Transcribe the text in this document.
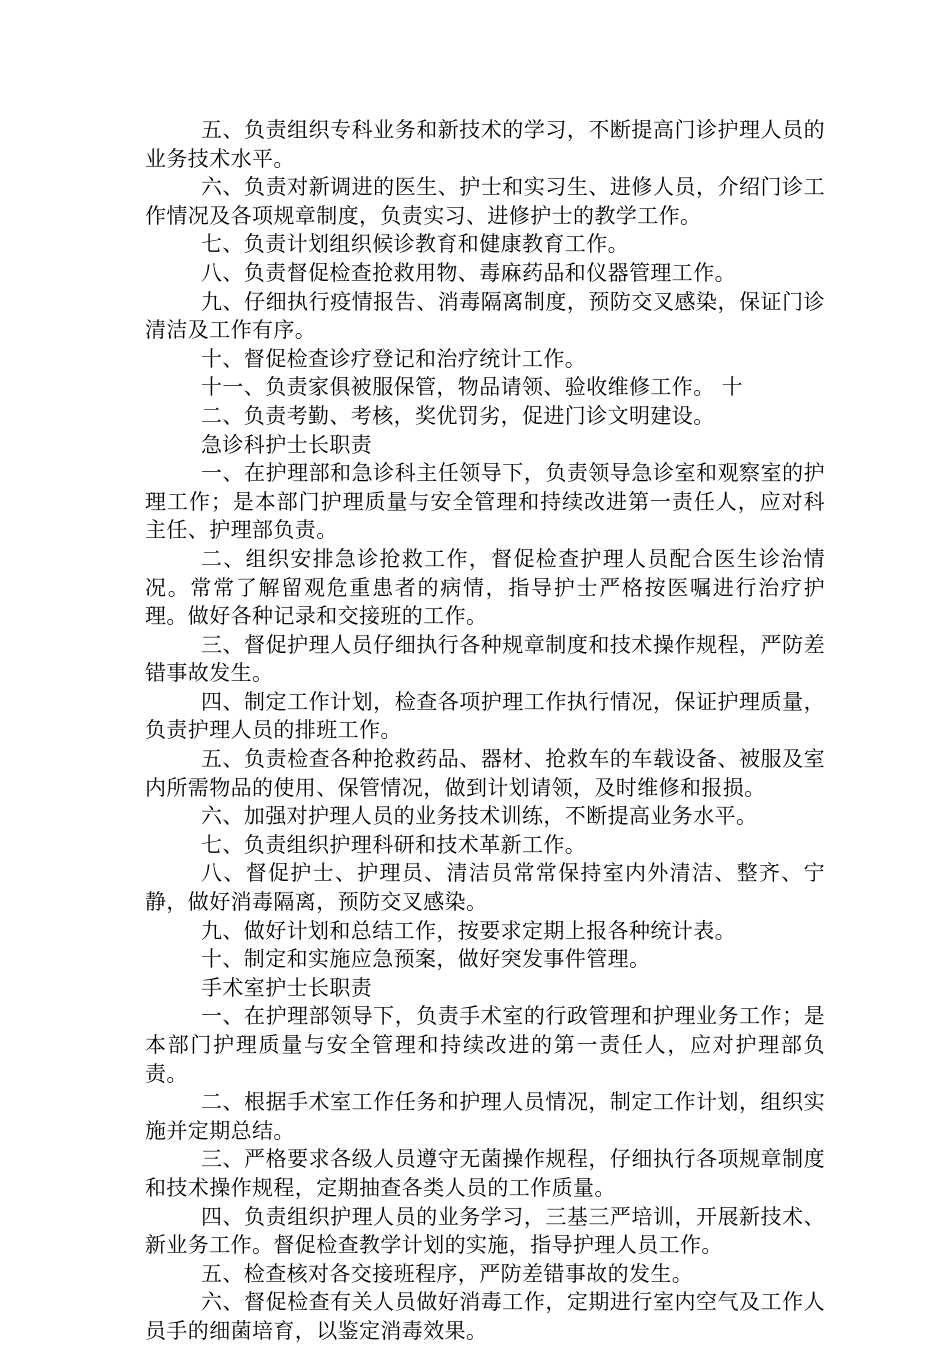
五、负责组织专科业务和新技术的学习，不断提高门诊护理人员的业务技术水平。

六、负责对新调进的医生、护士和实习生、进修人员，介绍门诊工作情况及各项规章制度，负责实习、进修护士的教学工作。

七、负责计划组织候诊教育和健康教育工作。

八、负责督促检查抢救用物、毒麻药品和仪器管理工作。

九、仔细执行疫情报告、消毒隔离制度，预防交叉感染，保证门诊清洁及工作有序。

十、督促检查诊疗登记和治疗统计工作。

十一、负责家俱被服保管，物品请领、验收维修工作。 十

二、负责考勤、考核，奖优罚劣，促进门诊文明建设。

急诊科护士长职责

一、在护理部和急诊科主任领导下，负责领导急诊室和观察室的护理工作；是本部门护理质量与安全管理和持续改进第一责任人，应对科主任、护理部负责。

二、组织安排急诊抢救工作，督促检查护理人员配合医生诊治情况。常常了解留观危重患者的病情，指导护士严格按医嘱进行治疗护理。做好各种记录和交接班的工作。

三、督促护理人员仔细执行各种规章制度和技术操作规程，严防差错事故发生。

四、制定工作计划，检查各项护理工作执行情况，保证护理质量，负责护理人员的排班工作。

五、负责检查各种抢救药品、器材、抢救车的车载设备、被服及室内所需物品的使用、保管情况，做到计划请领，及时维修和报损。

六、加强对护理人员的业务技术训练，不断提高业务水平。

七、负责组织护理科研和技术革新工作。

八、督促护士、护理员、清洁员常常保持室内外清洁、整齐、宁静，做好消毒隔离，预防交叉感染。

九、做好计划和总结工作，按要求定期上报各种统计表。

十、制定和实施应急预案，做好突发事件管理。

手术室护士长职责

一、在护理部领导下，负责手术室的行政管理和护理业务工作；是本部门护理质量与安全管理和持续改进的第一责任人，应对护理部负责。

二、根据手术室工作任务和护理人员情况，制定工作计划，组织实施并定期总结。

三、严格要求各级人员遵守无菌操作规程，仔细执行各项规章制度和技术操作规程，定期抽查各类人员的工作质量。

四、负责组织护理人员的业务学习，三基三严培训，开展新技术、新业务工作。督促检查教学计划的实施，指导护理人员工作。

五、检查核对各交接班程序，严防差错事故的发生。

六、督促检查有关人员做好消毒工作，定期进行室内空气及工作人员手的细菌培育，以鉴定消毒效果。
